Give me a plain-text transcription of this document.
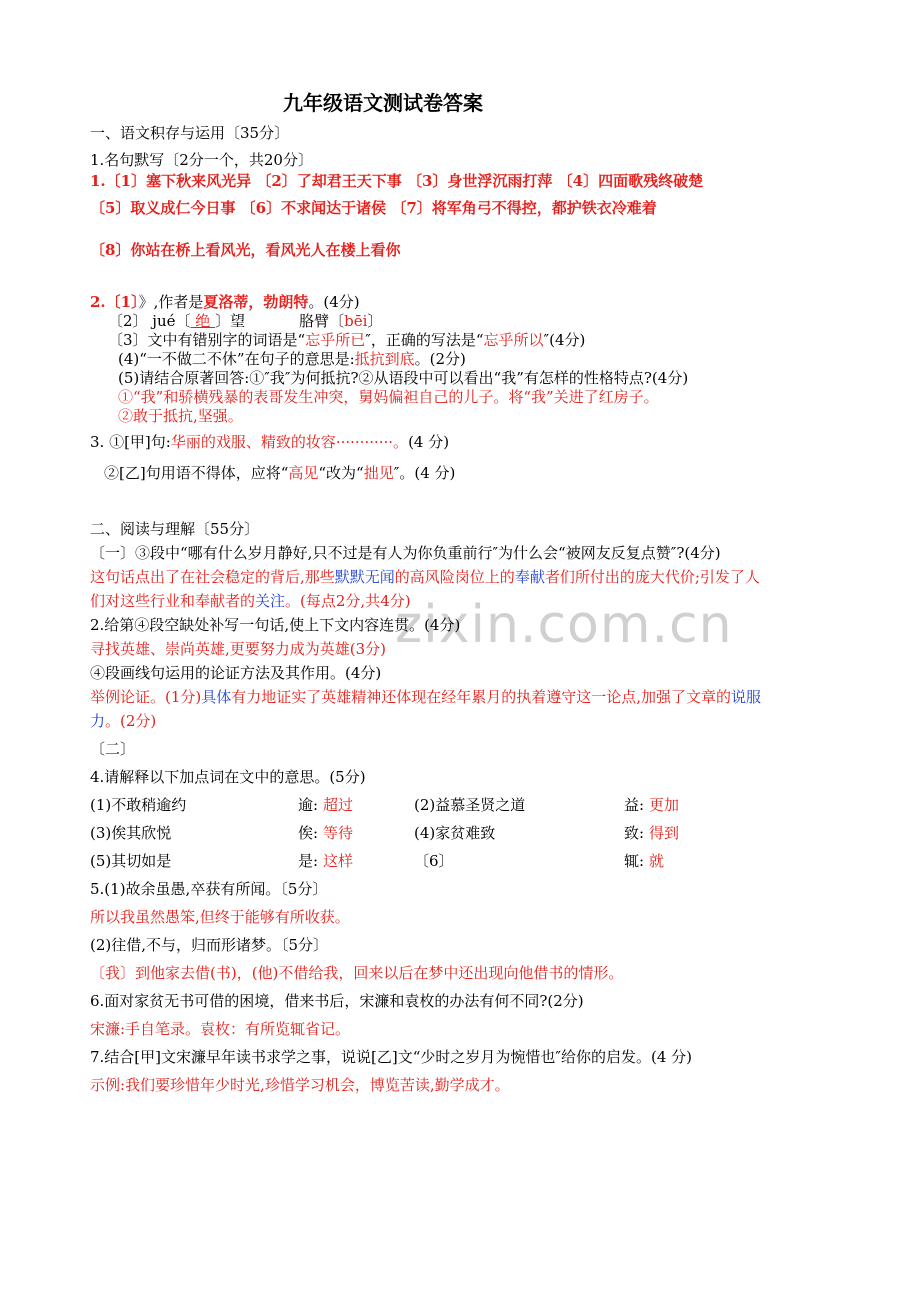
zixin.com.cn
九年级语文测试卷答案
一、语文积存与运用〔35分〕
1.名句默写〔2分一个，共20分〕
1.〔1〕塞下秋来风光异 〔2〕了却君王天下事 〔3〕身世浮沉雨打萍 〔4〕四面歌残终破楚
〔5〕取义成仁今日事 〔6〕不求闻达于诸侯 〔7〕将军角弓不得控，都护铁衣冷难着
〔8〕你站在桥上看风光，看风光人在楼上看你
2.〔1〕》,作者是夏洛蒂，勃朗特。(4分)
〔2〕 jué〔 绝 〕望	胳臂〔bēi〕
〔3〕文中有错别字的词语是“忘乎所已″，正确的写法是“忘乎所以″(4分)
(4)“一不做二不休”在句子的意思是:抵抗到底。(2分)
(5)请结合原著回答:①″我″为何抵抗?②从语段中可以看出“我”有怎样的性格特点?(4分)
①“我”和骄横残暴的表哥发生冲突，舅妈偏袒自己的儿子。将“我”关进了红房子。
②敢于抵抗,坚强。
3. ①[甲]句:华丽的戏服、精致的妆容············。(4 分)
②[乙]句用语不得体，应将“高见“改为“拙见″。(4 分)
二、阅读与理解〔55分〕
〔一〕③段中“哪有什么岁月静好,只不过是有人为你负重前行″为什么会“被网友反复点赞″?(4分)
这句话点出了在社会稳定的背后,那些默默无闻的高风险岗位上的奉献者们所付出的庞大代价;引发了人
们对这些行业和奉献者的关注。(每点2分,共4分)
2.给第④段空缺处补写一句话,使上下文内容连贯。(4分)
寻找英雄、崇尚英雄,更要努力成为英雄(3分)
④段画线句运用的论证方法及其作用。(4分)
举例论证。(1分)具体有力地证实了英雄精神还体现在经年累月的执着遵守这一论点,加强了文章的说服
力。(2分)
〔二〕
4.请解释以下加点词在文中的意思。(5分)
(1)不敢稍逾约	逾: 超过	(2)益慕圣贤之道	益: 更加
(3)俟其欣悦	俟: 等待	(4)家贫难致	致: 得到
(5)其切如是	是: 这样	〔6〕	辄: 就
5.(1)故余虽愚,卒获有所闻。〔5分〕
所以我虽然愚笨,但终于能够有所收获。
(2)往借,不与，归而形诸梦。〔5分〕
〔我〕到他家去借(书)，(他)不借给我，回来以后在梦中还出现向他借书的情形。
6.面对家贫无书可借的困境，借来书后，宋濂和袁枚的办法有何不同?(2分)
宋濂:手自笔录。袁枚：有所览辄省记。
7.结合[甲]文宋濂早年读书求学之事，说说[乙]文“少时之岁月为惋惜也″给你的启发。(4 分)
示例:我们要珍惜年少时光,珍惜学习机会，博览苦读,勤学成才。
